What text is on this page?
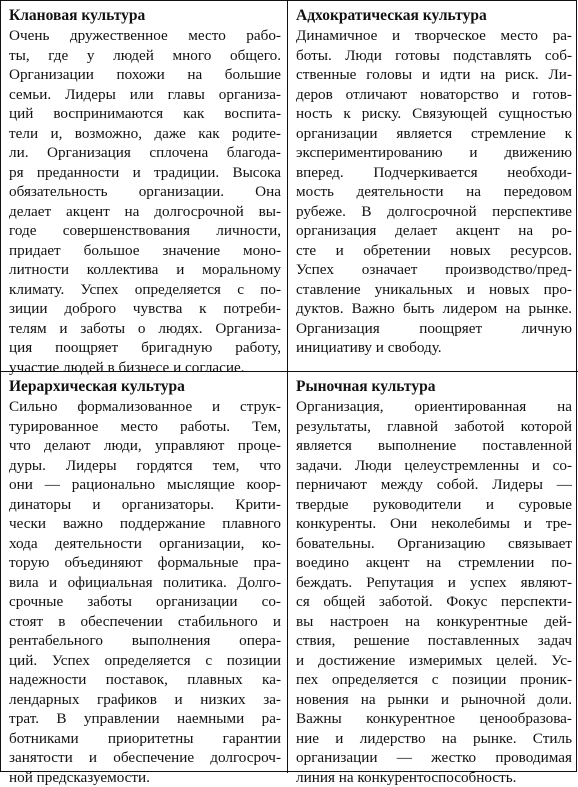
Клановая культура
Очень дружественное место рабо-
ты, где у людей много общего.
Организации похожи на большие
семьи. Лидеры или главы организа-
ций воспринимаются как воспита-
тели и, возможно, даже как родите-
ли. Организация сплочена благода-
ря преданности и традиции. Высока
обязательность организации. Она
делает акцент на долгосрочной вы-
годе совершенствования личности,
придает большое значение моно-
литности коллектива и моральному
климату. Успех определяется с по-
зиции доброго чувства к потреби-
телям и заботы о людях. Организа-
ция поощряет бригадную работу,
участие людей в бизнесе и согласие.
Адхократическая культура
Динамичное и творческое место ра-
боты. Люди готовы подставлять соб-
ственные головы и идти на риск. Ли-
деров отличают новаторство и готов-
ность к риску. Связующей сущностью
организации является стремление к
экспериментированию и движению
вперед. Подчеркивается необходи-
мость деятельности на передовом
рубеже. В долгосрочной перспективе
организация делает акцент на ро-
сте и обретении новых ресурсов.
Успех означает производство/пред-
ставление уникальных и новых про-
дуктов. Важно быть лидером на рынке.
Организация поощряет личную
инициативу и свободу.
Иерархическая культура
Сильно формализованное и струк-
турированное место работы. Тем,
что делают люди, управляют проце-
дуры. Лидеры гордятся тем, что
они — рационально мыслящие коор-
динаторы и организаторы. Крити-
чески важно поддержание плавного
хода деятельности организации, ко-
торую объединяют формальные пра-
вила и официальная политика. Долго-
срочные заботы организации со-
стоят в обеспечении стабильного и
рентабельного выполнения опера-
ций. Успех определяется с позиции
надежности поставок, плавных ка-
лендарных графиков и низких за-
трат. В управлении наемными ра-
ботниками приоритетны гарантии
занятости и обеспечение долгосроч-
ной предсказуемости.
Рыночная культура
Организация, ориентированная на
результаты, главной заботой которой
является выполнение поставленной
задачи. Люди целеустремленны и со-
перничают между собой. Лидеры —
твердые руководители и суровые
конкуренты. Они неколебимы и тре-
бовательны. Организацию связывает
воедино акцент на стремлении по-
беждать. Репутация и успех являют-
ся общей заботой. Фокус перспекти-
вы настроен на конкурентные дей-
ствия, решение поставленных задач
и достижение измеримых целей. Ус-
пех определяется с позиции проник-
новения на рынки и рыночной доли.
Важны конкурентное ценообразова-
ние и лидерство на рынке. Стиль
организации — жестко проводимая
линия на конкурентоспособность.
